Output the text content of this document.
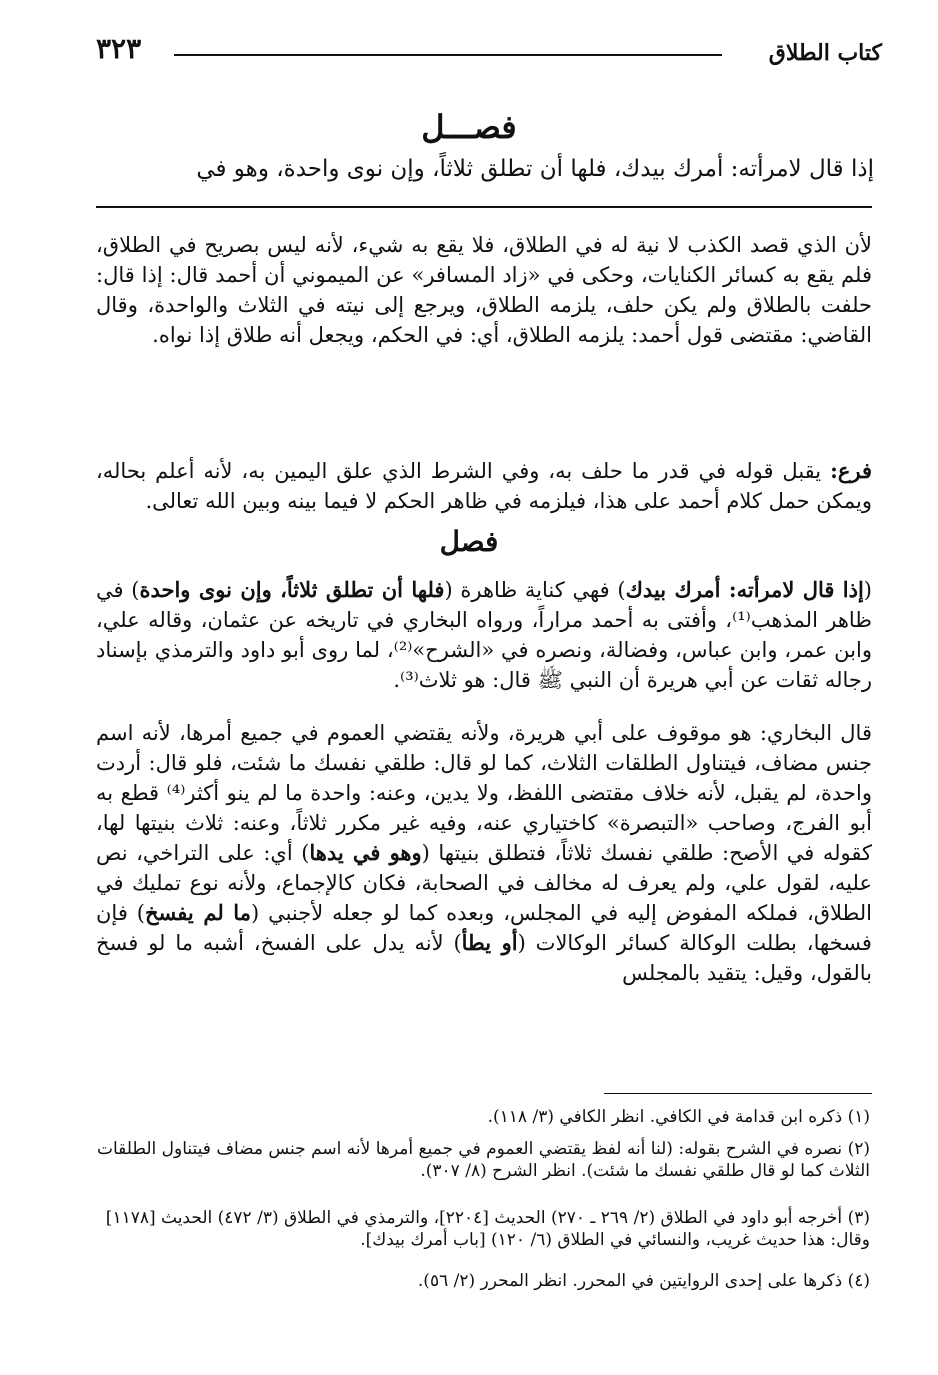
كتاب الطلاق
٣٢٣
فصـــل
إذا قال لامرأته: أمرك بيدك، فلها أن تطلق ثلاثاً، وإن نوى واحدة، وهو في
لأن الذي قصد الكذب لا نية له في الطلاق، فلا يقع به شيء، لأنه ليس بصريح في الطلاق، فلم يقع به كسائر الكنايات، وحكى في «زاد المسافر» عن الميموني أن أحمد قال: إذا قال: حلفت بالطلاق ولم يكن حلف، يلزمه الطلاق، ويرجع إلى نيته في الثلاث والواحدة، وقال القاضي: مقتضى قول أحمد: يلزمه الطلاق، أي: في الحكم، ويجعل أنه طلاق إذا نواه.
فرع: يقبل قوله في قدر ما حلف به، وفي الشرط الذي علق اليمين به، لأنه أعلم بحاله، ويمكن حمل كلام أحمد على هذا، فيلزمه في ظاهر الحكم لا فيما بينه وبين الله تعالى.
فصل
(إذا قال لامرأته: أمرك بيدك) فهي كناية ظاهرة (فلها أن تطلق ثلاثاً، وإن نوى واحدة) في ظاهر المذهب⁽¹⁾، وأفتى به أحمد مراراً، ورواه البخاري في تاريخه عن عثمان، وقاله علي، وابن عمر، وابن عباس، وفضالة، ونصره في «الشرح»⁽²⁾، لما روى أبو داود والترمذي بإسناد رجاله ثقات عن أبي هريرة أن النبي ﷺ قال: هو ثلاث⁽³⁾.
قال البخاري: هو موقوف على أبي هريرة، ولأنه يقتضي العموم في جميع أمرها، لأنه اسم جنس مضاف، فيتناول الطلقات الثلاث، كما لو قال: طلقي نفسك ما شئت، فلو قال: أردت واحدة، لم يقبل، لأنه خلاف مقتضى اللفظ، ولا يدين، وعنه: واحدة ما لم ينو أكثر⁽⁴⁾ قطع به أبو الفرج، وصاحب «التبصرة» كاختياري عنه، وفيه غير مكرر ثلاثاً، وعنه: ثلاث بنيتها لها، كقوله في الأصح: طلقي نفسك ثلاثاً، فتطلق بنيتها (وهو في يدها) أي: على التراخي، نص عليه، لقول علي، ولم يعرف له مخالف في الصحابة، فكان كالإجماع، ولأنه نوع تمليك في الطلاق، فملكه المفوض إليه في المجلس، وبعده كما لو جعله لأجنبي (ما لم يفسخ) فإن فسخها، بطلت الوكالة كسائر الوكالات (أو يطأ) لأنه يدل على الفسخ، أشبه ما لو فسخ بالقول، وقيل: يتقيد بالمجلس
(١) ذكره ابن قدامة في الكافي. انظر الكافي (٣/ ١١٨).
(٢) نصره في الشرح بقوله: (لنا أنه لفظ يقتضي العموم في جميع أمرها لأنه اسم جنس مضاف فيتناول الطلقات الثلاث كما لو قال طلقي نفسك ما شئت). انظر الشرح (٨/ ٣٠٧).
(٣) أخرجه أبو داود في الطلاق (٢/ ٢٦٩ ـ ٢٧٠) الحديث [٢٢٠٤]، والترمذي في الطلاق (٣/ ٤٧٢) الحديث [١١٧٨] وقال: هذا حديث غريب، والنسائي في الطلاق (٦/ ١٢٠) [باب أمرك بيدك].
(٤) ذكرها على إحدى الروايتين في المحرر. انظر المحرر (٢/ ٥٦).
